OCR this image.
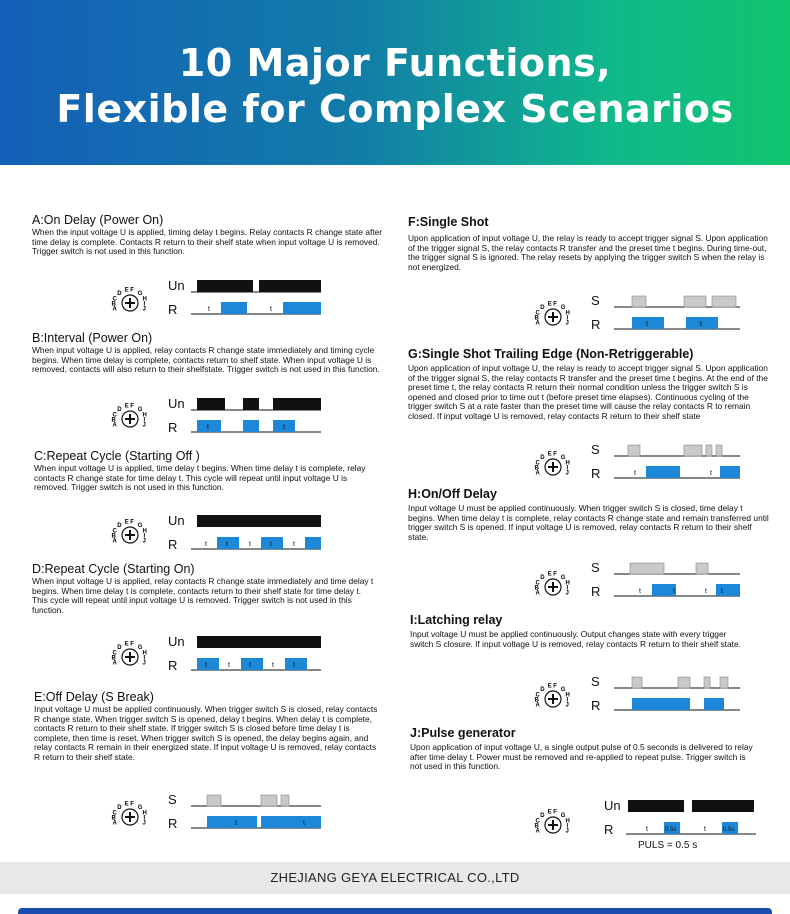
10 Major Functions,
Flexible for Complex Scenarios
A:On Delay (Power On)
When the input voltage U is applied, timing delay t begins. Relay contacts R change state after time delay is complete. Contacts R return to their shelf state when input voltage U is removed. Trigger switch is not used in this function.
A
B
C
D
E F
G
H
I
J
Un
R	t	t
B:Interval (Power On)
When input voltage U is applied, relay contacts R change state immediately and timing cycle begins. When time delay is complete, contacts return to shelf state. When input voltage U is removed, contacts will also return to their shelfstate. Trigger switch is not used in this function.
A
B
C
D
E F
G
H
I
J
Un
R	t	t
C:Repeat Cycle (Starting Off )
When input voltage U is applied, time delay t begins. When time delay t is complete, relay contacts R change state for time delay t. This cycle will repeat until input voltage U is removed. Trigger switch is not used in this function.
A
B
C
D
E F
G
H
I
J
Un
R	t	t	t	t	t
D:Repeat Cycle (Starting On)
When input voltage U is applied, relay contacts R change state immediately and time delay t begins. When time delay t is complete, contacts return to their shelf state for time delay t. This cycle will repeat until input voltage U is removed. Trigger switch is not used in this function.
A
B
C
D
E F
G
H
I
J
Un
R	t	t	t	t	t
E:Off Delay (S Break)
Input voltage U must be applied continuously. When trigger switch S is closed, relay contacts R change state. When trigger switch S is opened, delay t begins. When delay t is complete, contacts R return to their shelf state. If trigger switch S is closed before time delay t is complete, then time is reset. When trigger switch S is opened, the delay begins again, and relay contacts R remain in their energized state. If input voltage U is removed, relay contacts R return to their shelf state.
A
B
C
D
E F
G
H
I
J
S
R	t	t
F:Single Shot
Upon application of input voltage U, the relay is ready to accept trigger signal S. Upon application of the trigger signal S, the relay contacts R transfer and the preset time t begins. During time-out, the trigger signal S is ignored. The relay resets by applying the trigger switch S when the relay is not energized.
A
B
C
D
E F
G
H
I
J
S
R	t	t
G:Single Shot Trailing Edge (Non-Retriggerable)
Upon application of input voltage U, the relay is ready to accept trigger signal S. Upon application of the trigger signal S, the relay contacts R transfer and the preset time t begins. At the end of the preset time t, the relay contacts R return their normal condition unless the trigger switch S is opened and closed prior to time out t (before preset time elapses). Continuous cycling of the trigger switch S at a rate faster than the preset time will cause the relay contacts R to remain closed. If input voltage U is removed, relay contacts R return to their shelf state
A
B
C
D
E F
G
H
I
J
S
R	t	t
H:On/Off Delay
Input voltage U must be applied continuously. When trigger switch S is closed, time delay t begins. When time delay t is complete, relay contacts R change state and remain transferred until trigger switch S is opened. If input voltage U is removed, relay contacts R return to their shelf state.
A
B
C
D
E F
G
H
I
J
S
R	t	t	t t
I:Latching relay
Input voltage U must be applied continuously. Output changes state with every trigger switch S closure. If input voltage U is removed, relay contacts R return to their shelf state.
A
B
C
D
E F
G
H
I
J
S
R
J:Pulse generator
Upon application of input voltage U, a single output pulse of 0.5 seconds is delivered to relay after time delay t. Power must be removed and re-applied to repeat pulse. Trigger switch is not used in this function.
A
B
C
D
E F
G
H
I
J
Un
R	t	t
0.5s	0.5s
PULS = 0.5 s
ZHEJIANG GEYA ELECTRICAL CO.,LTD
